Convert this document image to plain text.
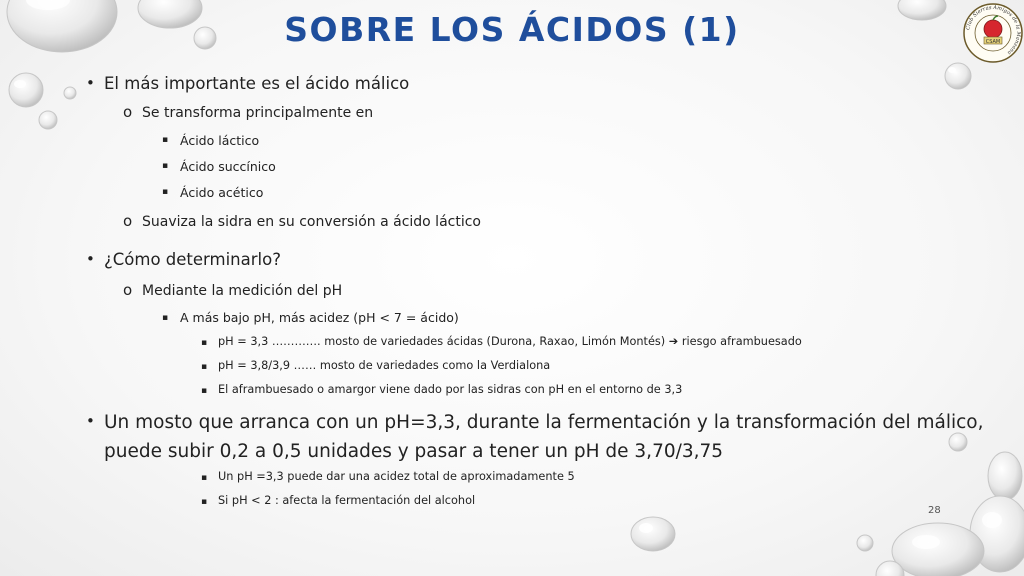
SOBRE LOS ÁCIDOS (1)	CSAM
Club Sierras Amigos de la Manzana
• El más importante es el ácido málico
o Se transforma principalmente en
▪ Ácido láctico
▪ Ácido succínico
▪ Ácido acético
o Suaviza la sidra en su conversión a ácido láctico
• ¿Cómo determinarlo?
o Mediante la medición del pH
▪ A más bajo pH, más acidez (pH < 7 = ácido)
▪ pH = 3,3 …………. mosto de variedades ácidas (Durona, Raxao, Limón Montés) ➔ riesgo aframbuesado
▪ pH = 3,8/3,9 …… mosto de variedades como la Verdialona
▪ El aframbuesado o amargor viene dado por las sidras con pH en el entorno de 3,3
• Un mosto que arranca con un pH=3,3, durante la fermentación y la transformación del málico, puede subir 0,2 a 0,5 unidades y pasar a tener un pH de 3,70/3,75
▪ Un pH =3,3 puede dar una acidez total de aproximadamente 5
▪ Si pH < 2 : afecta la fermentación del alcohol
28
